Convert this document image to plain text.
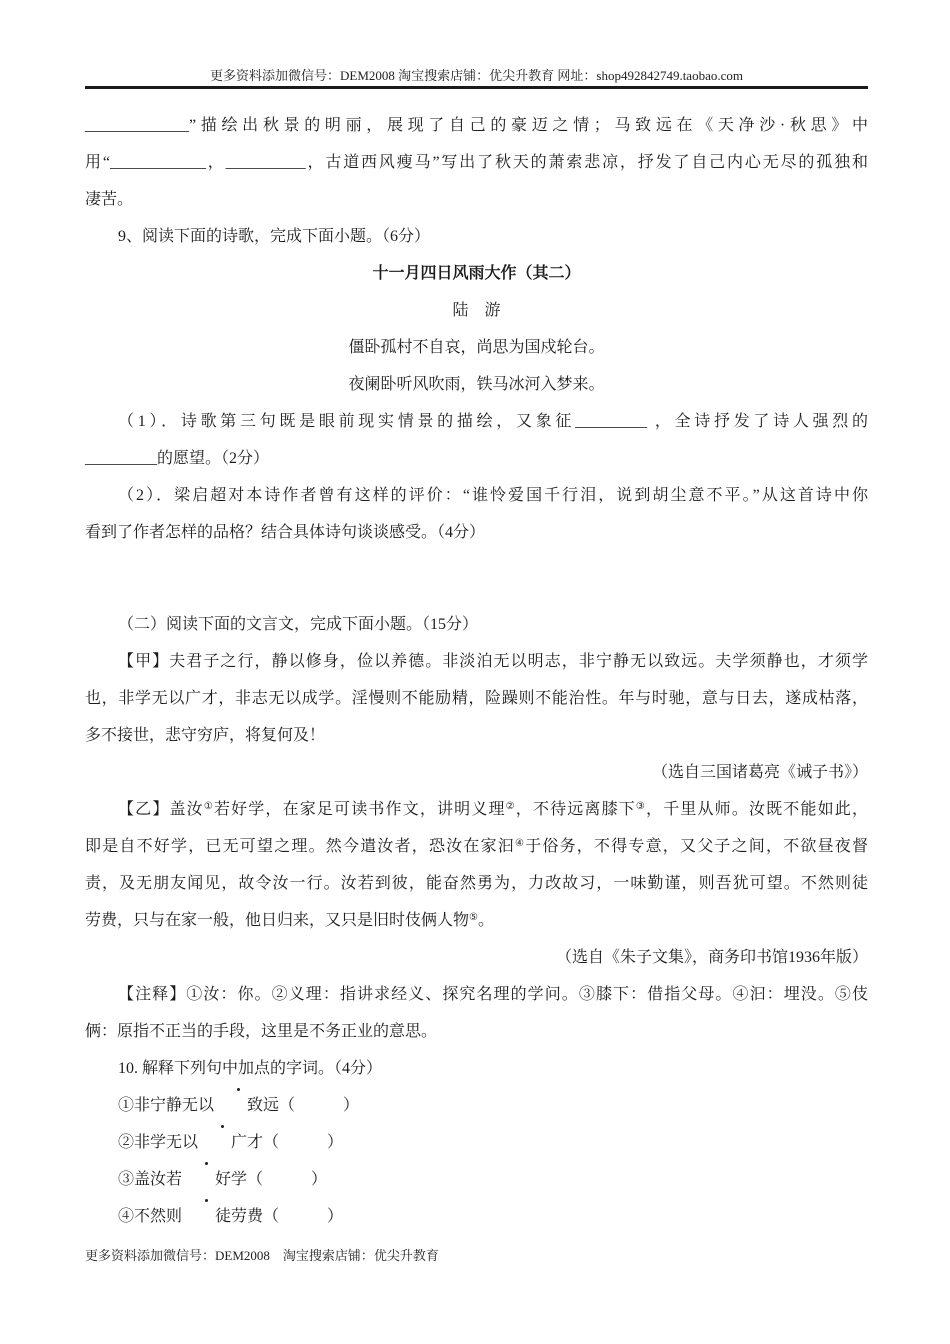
更多资料添加微信号：DEM2008 淘宝搜索店铺：优尖升教育 网址：shop492842749.taobao.com
_____________”描绘出秋景的明丽，展现了自己的豪迈之情；马致远在《天净沙·秋思》中
用“____________，__________，古道西风瘦马”写出了秋天的萧索悲凉，抒发了自己内心无尽的孤独和
凄苦。
9、阅读下面的诗歌，完成下面小题。（6分）
十一月四日风雨大作（其二）
陆　游
僵卧孤村不自哀，尚思为国戍轮台。
夜阑卧听风吹雨，铁马冰河入梦来。
（1）．诗歌第三句既是眼前现实情景的描绘，又象征_________ ，全诗抒发了诗人强烈的
_________的愿望。（2分）
（2）．梁启超对本诗作者曾有这样的评价：“谁怜爱国千行泪，说到胡尘意不平。”从这首诗中你
看到了作者怎样的品格？结合具体诗句谈谈感受。（4分）
（二）阅读下面的文言文，完成下面小题。（15分）
【甲】夫君子之行，静以修身，俭以养德。非淡泊无以明志，非宁静无以致远。夫学须静也，才须学
也，非学无以广才，非志无以成学。淫慢则不能励精，险躁则不能治性。年与时驰，意与日去，遂成枯落，
多不接世，悲守穷庐，将复何及！
（选自三国诸葛亮《诫子书》）
【乙】盖汝①若好学，在家足可读书作文，讲明义理②，不待远离膝下③，千里从师。汝既不能如此，
即是自不好学，已无可望之理。然今遣汝者，恐汝在家汩④于俗务，不得专意，又父子之间，不欲昼夜督
责，及无朋友闻见，故令汝一行。汝若到彼，能奋然勇为，力改故习，一味勤谨，则吾犹可望。不然则徒
劳费，只与在家一般，他日归来，又只是旧时伎俩人物⑤。
（选自《朱子文集》，商务印书馆1936年版）
【注释】①汝：你。②义理：指讲求经义、探究名理的学问。③膝下：借指父母。④汩：埋没。⑤伎
俩：原指不正当的手段，这里是不务正业的意思。
10. 解释下列句中加点的字词。（4分）
①非宁静无以 致远（　　　）
②非学无以 广才（　　　）
③盖汝若 好学（　　　）
④不然则 徒劳费（　　　）
更多资料添加微信号：DEM2008　淘宝搜索店铺：优尖升教育
